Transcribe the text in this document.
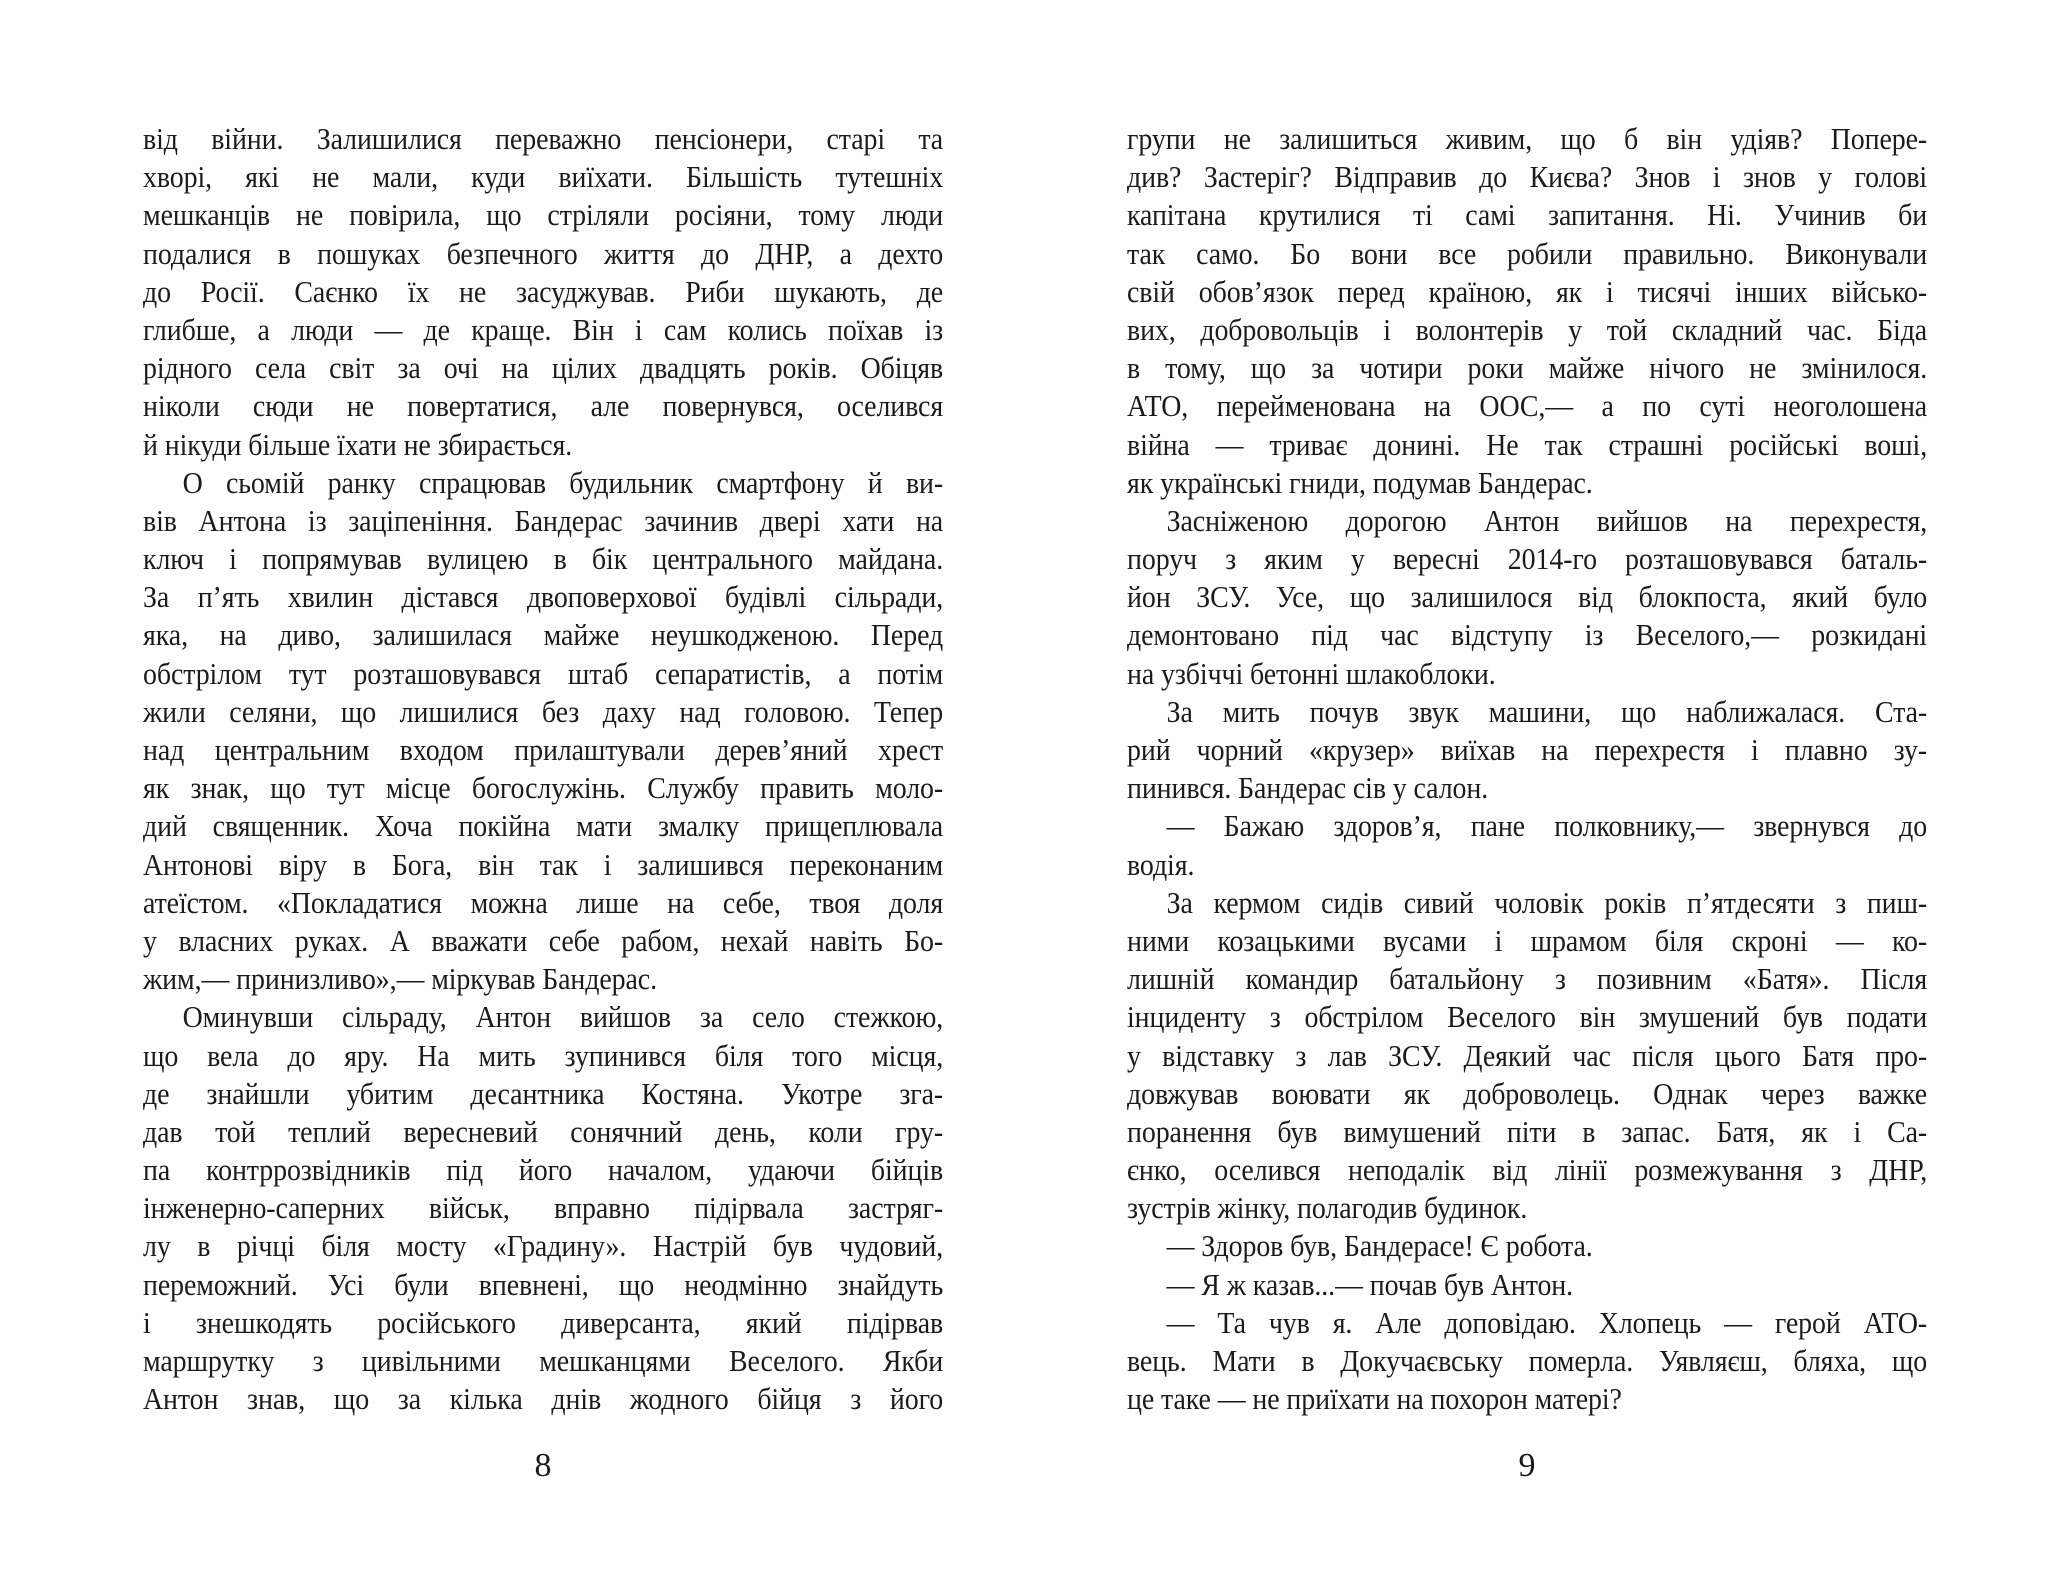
від війни. Залишилися переважно пенсіонери, старі та
хворі, які не мали, куди виїхати. Більшість тутешніх
мешканців не повірила, що стріляли росіяни, тому люди
подалися в пошуках безпечного життя до ДНР, а дехто
до Росії. Саєнко їх не засуджував. Риби шукають, де
глибше, а люди — де краще. Він і сам колись поїхав із
рідного села світ за очі на цілих двадцять років. Обіцяв
ніколи сюди не повертатися, але повернувся, оселився
й нікуди більше їхати не збирається.
О сьомій ранку спрацював будильник смартфону й ви-
вів Антона із заціпеніння. Бандерас зачинив двері хати на
ключ і попрямував вулицею в бік центрального майдана.
За п’ять хвилин дістався двоповерхової будівлі сільради,
яка, на диво, залишилася майже неушкодженою. Перед
обстрілом тут розташовувався штаб сепаратистів, а потім
жили селяни, що лишилися без даху над головою. Тепер
над центральним входом прилаштували дерев’яний хрест
як знак, що тут місце богослужінь. Службу править моло-
дий священник. Хоча покійна мати змалку прищеплювала
Антонові віру в Бога, він так і залишився переконаним
атеїстом. «Покладатися можна лише на себе, твоя доля
у власних руках. А вважати себе рабом, нехай навіть Бо-
жим,— принизливо»,— міркував Бандерас.
Оминувши сільраду, Антон вийшов за село стежкою,
що вела до яру. На мить зупинився біля того місця,
де знайшли убитим десантника Костяна. Укотре зга-
дав той теплий вересневий сонячний день, коли гру-
па контррозвідників під його началом, удаючи бійців
інженерно-саперних військ, вправно підірвала застряг-
лу в річці біля мосту «Градину». Настрій був чудовий,
переможний. Усі були впевнені, що неодмінно знайдуть
і знешкодять російського диверсанта, який підірвав
маршрутку з цивільними мешканцями Веселого. Якби
Антон знав, що за кілька днів жодного бійця з його
групи не залишиться живим, що б він удіяв? Попере-
див? Застеріг? Відправив до Києва? Знов і знов у голові
капітана крутилися ті самі запитання. Ні. Учинив би
так само. Бо вони все робили правильно. Виконували
свій обов’язок перед країною, як і тисячі інших військо-
вих, добровольців і волонтерів у той складний час. Біда
в тому, що за чотири роки майже нічого не змінилося.
АТО, перейменована на ООС,— а по суті неоголошена
війна — триває донині. Не так страшні російські воші,
як українські гниди, подумав Бандерас.
Засніженою дорогою Антон вийшов на перехрестя,
поруч з яким у вересні 2014-го розташовувався баталь-
йон ЗСУ. Усе, що залишилося від блокпоста, який було
демонтовано під час відступу із Веселого,— розкидані
на узбіччі бетонні шлакоблоки.
За мить почув звук машини, що наближалася. Ста-
рий чорний «крузер» виїхав на перехрестя і плавно зу-
пинився. Бандерас сів у салон.
— Бажаю здоров’я, пане полковнику,— звернувся до
водія.
За кермом сидів сивий чоловік років п’ятдесяти з пиш-
ними козацькими вусами і шрамом біля скроні — ко-
лишній командир батальйону з позивним «Батя». Після
інциденту з обстрілом Веселого він змушений був подати
у відставку з лав ЗСУ. Деякий час після цього Батя про-
довжував воювати як доброволець. Однак через важке
поранення був вимушений піти в запас. Батя, як і Са-
єнко, оселився неподалік від лінії розмежування з ДНР,
зустрів жінку, полагодив будинок.
— Здоров був, Бандерасе! Є робота.
— Я ж казав...— почав був Антон.
— Та чув я. Але доповідаю. Хлопець — герой АТО-
вець. Мати в Докучаєвську померла. Уявляєш, бляха, що
це таке — не приїхати на похорон матері?
8	9
